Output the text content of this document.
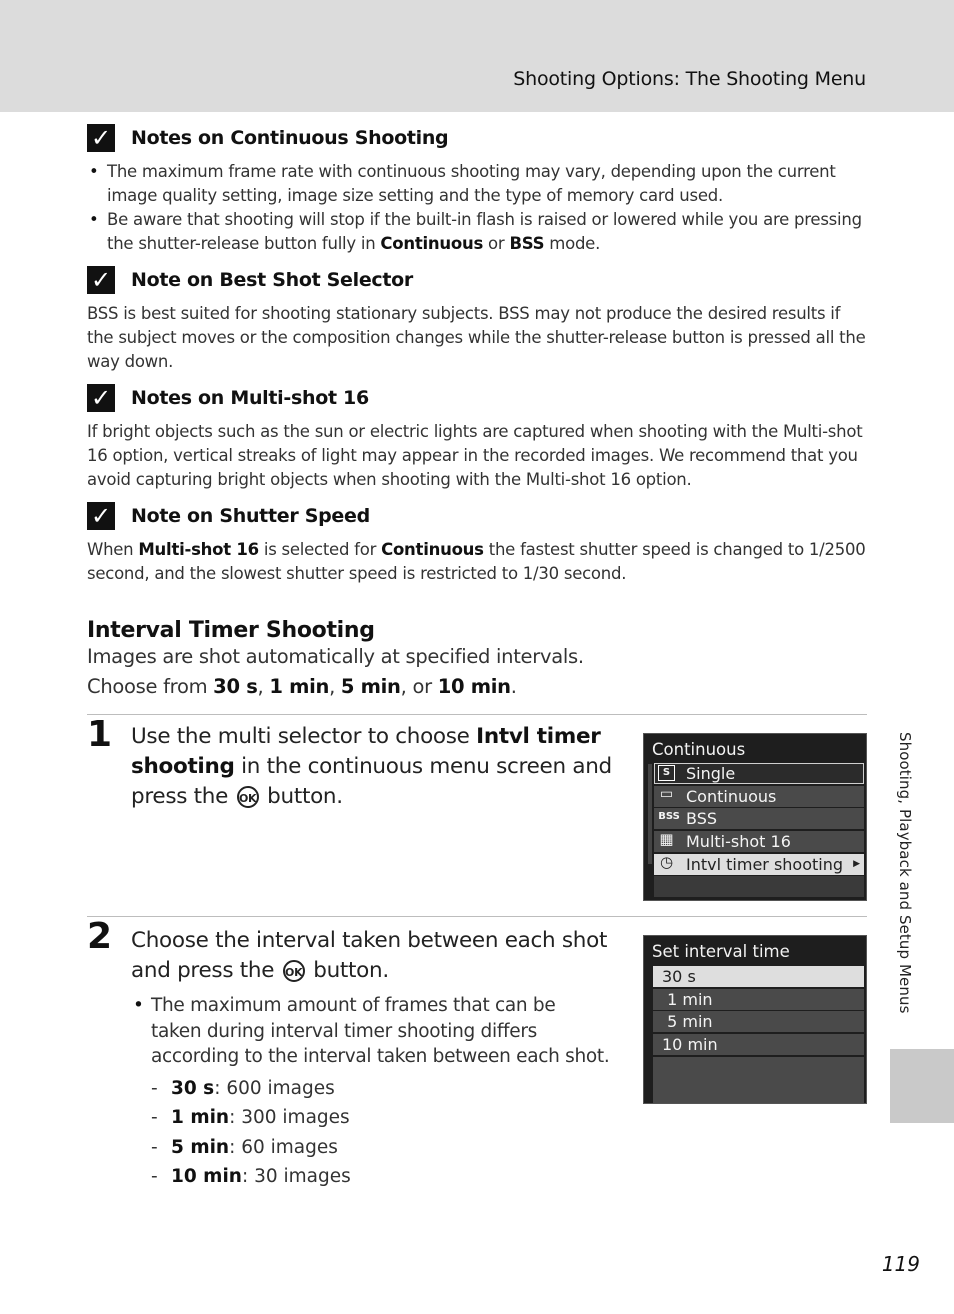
Shooting Options: The Shooting Menu
✓ Notes on Continuous Shooting
• The maximum frame rate with continuous shooting may vary, depending upon the current image quality setting, image size setting and the type of memory card used.
• Be aware that shooting will stop if the built-in flash is raised or lowered while you are pressing the shutter-release button fully in Continuous or BSS mode.
✓ Note on Best Shot Selector
BSS is best suited for shooting stationary subjects. BSS may not produce the desired results if the subject moves or the composition changes while the shutter-release button is pressed all the way down.
✓ Notes on Multi-shot 16
If bright objects such as the sun or electric lights are captured when shooting with the Multi-shot 16 option, vertical streaks of light may appear in the recorded images. We recommend that you avoid capturing bright objects when shooting with the Multi-shot 16 option.
✓ Note on Shutter Speed
When Multi-shot 16 is selected for Continuous the fastest shutter speed is changed to 1/2500 second, and the slowest shutter speed is restricted to 1/30 second.
Interval Timer Shooting
Images are shot automatically at specified intervals.
Choose from 30 s, 1 min, 5 min, or 10 min.
1 Use the multi selector to choose Intvl timer shooting in the continuous menu screen and press the OK button.
Continuous
S Single
▭ Continuous
BSS BSS
▦ Multi-shot 16
◷ Intvl timer shooting ▶
2 Choose the interval taken between each shot and press the OK button.
• The maximum amount of frames that can be taken during interval timer shooting differs according to the interval taken between each shot.
- 30 s: 600 images
- 1 min: 300 images
- 5 min: 60 images
- 10 min: 30 images
Set interval time
30 s
1 min
5 min
10 min
Shooting, Playback and Setup Menus
119
